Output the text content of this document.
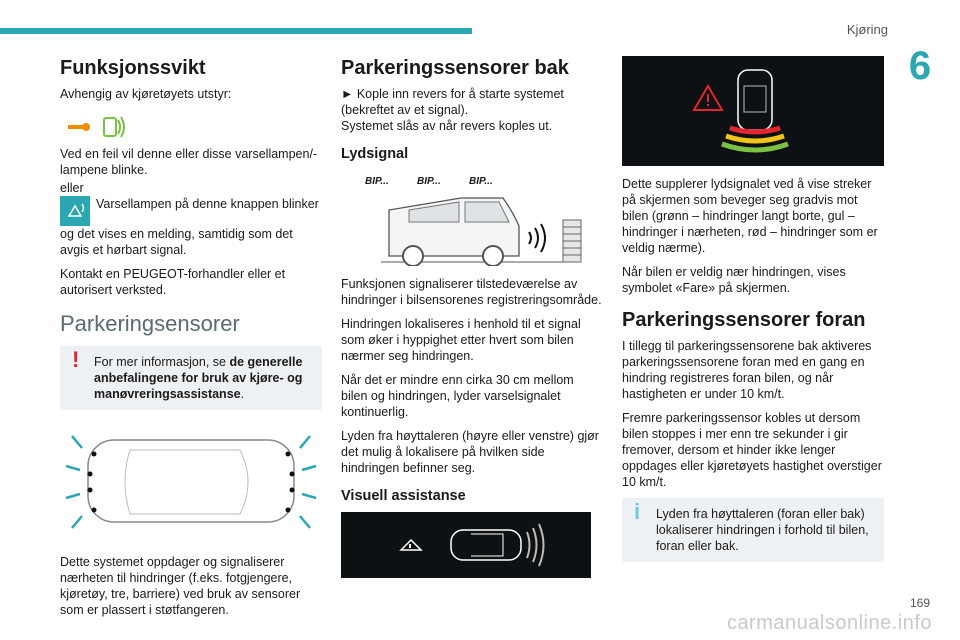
Kjøring
6
Funksjonssvikt
Avhengig av kjøretøyets utstyr:
Ved en feil vil denne eller disse varsellampen/-lampene blinke.
eller
Varsellampen på denne knappen blinker og det vises en melding, samtidig som det avgis et hørbart signal.
Kontakt en PEUGEOT-forhandler eller et autorisert verksted.
Parkeringsensorer
! For mer informasjon, se de generelle anbefalingene for bruk av kjøre- og manøvreringsassistanse.
Dette systemet oppdager og signaliserer nærheten til hindringer (f.eks. fotgjengere, kjøretøy, tre, barriere) ved bruk av sensorer som er plassert i støtfangeren.
Parkeringssensorer bak
► Kople inn revers for å starte systemet (bekreftet av et signal).
Systemet slås av når revers koples ut.
Lydsignal
BIP...	BIP...	BIP...
Funksjonen signaliserer tilstedeværelse av hindringer i bilsensorenes registreringsområde.
Hindringen lokaliseres i henhold til et signal som øker i hyppighet etter hvert som bilen nærmer seg hindringen.
Når det er mindre enn cirka 30 cm mellom bilen og hindringen, lyder varselsignalet kontinuerlig.
Lyden fra høyttaleren (høyre eller venstre) gjør det mulig å lokalisere på hvilken side hindringen befinner seg.
Visuell assistanse
Dette supplerer lydsignalet ved å vise streker på skjermen som beveger seg gradvis mot bilen (grønn – hindringer langt borte, gul – hindringer i nærheten, rød – hindringer som er veldig nærme).
Når bilen er veldig nær hindringen, vises symbolet «Fare» på skjermen.
Parkeringssensorer foran
I tillegg til parkeringssensorene bak aktiveres parkeringssensorene foran med en gang en hindring registreres foran bilen, og når hastigheten er under 10 km/t.
Fremre parkeringssensor kobles ut dersom bilen stoppes i mer enn tre sekunder i gir fremover, dersom et hinder ikke lenger oppdages eller kjøretøyets hastighet overstiger 10 km/t.
i Lyden fra høyttaleren (foran eller bak) lokaliserer hindringen i forhold til bilen, foran eller bak.
carmanualsonline.info
169
